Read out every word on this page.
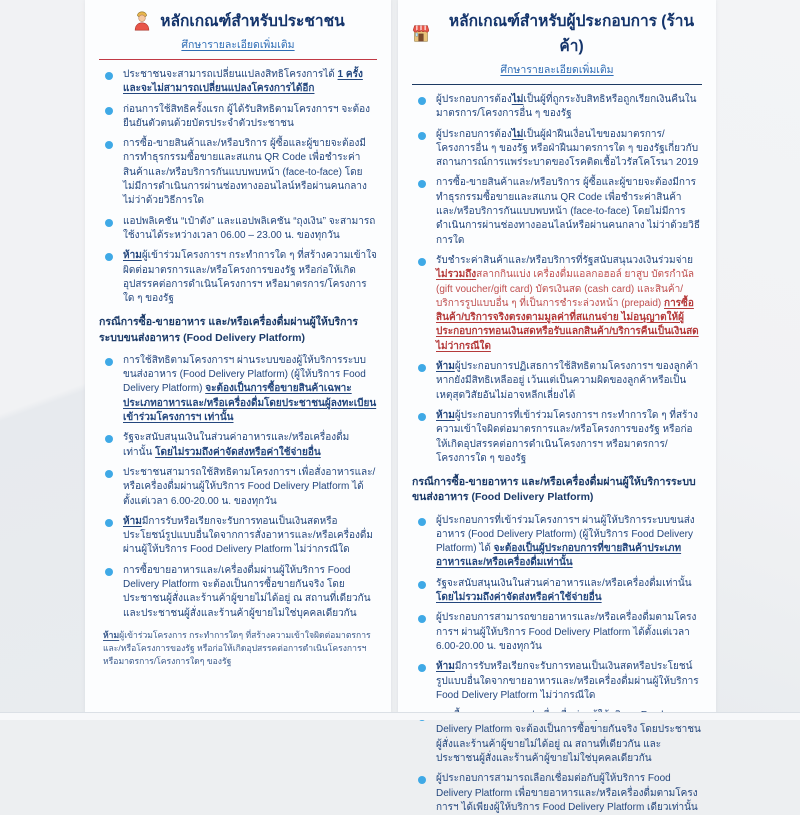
หลักเกณฑ์สำหรับประชาชน
ศึกษารายละเอียดเพิ่มเติม

ประชาชนจะสามารถเปลี่ยนแปลงสิทธิโครงการได้ 1 ครั้ง และจะไม่สามารถเปลี่ยนแปลงโครงการได้อีก

ก่อนการใช้สิทธิครั้งแรก ผู้ได้รับสิทธิตามโครงการฯ จะต้องยืนยันตัวตนด้วยบัตรประจำตัวประชาชน

การซื้อ-ขายสินค้าและ/หรือบริการ ผู้ซื้อและผู้ขายจะต้องมีการทำธุรกรรมซื้อขายและสแกน QR Code เพื่อชำระค่าสินค้าและ/หรือบริการกันแบบพบหน้า (face-to-face) โดยไม่มีการดำเนินการผ่านช่องทางออนไลน์หรือผ่านคนกลาง ไม่ว่าด้วยวิธีการใด

แอปพลิเคชัน “เป๋าตัง” และแอปพลิเคชัน “ถุงเงิน” จะสามารถใช้งานได้ระหว่างเวลา 06.00 – 23.00 น. ของทุกวัน

ห้ามผู้เข้าร่วมโครงการฯ กระทำการใด ๆ ที่สร้างความเข้าใจผิดต่อมาตรการและ/หรือโครงการของรัฐ หรือก่อให้เกิดอุปสรรคต่อการดำเนินโครงการฯ หรือมาตรการ/โครงการใด ๆ ของรัฐ

กรณีการซื้อ-ขายอาหาร และ/หรือเครื่องดื่มผ่านผู้ให้บริการระบบขนส่งอาหาร (Food Delivery Platform)

การใช้สิทธิตามโครงการฯ ผ่านระบบของผู้ให้บริการระบบขนส่งอาหาร (Food Delivery Platform) (ผู้ให้บริการ Food Delivery Platform) จะต้องเป็นการซื้อขายสินค้าเฉพาะประเภทอาหารและ/หรือเครื่องดื่มโดยประชาชนผู้ลงทะเบียนเข้าร่วมโครงการฯ เท่านั้น

รัฐจะสนับสนุนเงินในส่วนค่าอาหารและ/หรือเครื่องดื่มเท่านั้น โดยไม่รวมถึงค่าจัดส่งหรือค่าใช้จ่ายอื่น

ประชาชนสามารถใช้สิทธิตามโครงการฯ เพื่อสั่งอาหารและ/หรือเครื่องดื่มผ่านผู้ให้บริการ Food Delivery Platform ได้ตั้งแต่เวลา 6.00-20.00 น. ของทุกวัน

ห้ามมีการรับหรือเรียกจะรับการทอนเป็นเงินสดหรือประโยชน์รูปแบบอื่นใดจากการสั่งอาหารและ/หรือเครื่องดื่มผ่านผู้ให้บริการ Food Delivery Platform ไม่ว่ากรณีใด

การซื้อขายอาหารและ/เครื่องดื่มผ่านผู้ให้บริการ Food Delivery Platform จะต้องเป็นการซื้อขายกันจริง โดยประชาชนผู้สั่งและร้านค้าผู้ขายไม่ได้อยู่ ณ สถานที่เดียวกัน และประชาชนผู้สั่งและร้านค้าผู้ขายไม่ใช่บุคคลเดียวกัน

ห้ามผู้เข้าร่วมโครงการ กระทำการใดๆ ที่สร้างความเข้าใจผิดต่อมาตรการและ/หรือโครงการของรัฐ หรือก่อให้เกิดอุปสรรคต่อการดำเนินโครงการฯ หรือมาตรการ/โครงการใดๆ ของรัฐ

หลักเกณฑ์สำหรับผู้ประกอบการ (ร้านค้า)
ศึกษารายละเอียดเพิ่มเติม

ผู้ประกอบการต้องไม่เป็นผู้ที่ถูกระงับสิทธิหรือถูกเรียกเงินคืนในมาตรการ/โครงการอื่น ๆ ของรัฐ

ผู้ประกอบการต้องไม่เป็นผู้ฝ่าฝืนเงื่อนไขของมาตรการ/โครงการอื่น ๆ ของรัฐ หรือฝ่าฝืนมาตรการใด ๆ ของรัฐเกี่ยวกับสถานการณ์การแพร่ระบาดของโรคติดเชื้อไวรัสโคโรนา 2019

การซื้อ-ขายสินค้าและ/หรือบริการ ผู้ซื้อและผู้ขายจะต้องมีการทำธุรกรรมซื้อขายและสแกน QR Code เพื่อชำระค่าสินค้าและ/หรือบริการกันแบบพบหน้า (face-to-face) โดยไม่มีการดำเนินการผ่านช่องทางออนไลน์หรือผ่านคนกลาง ไม่ว่าด้วยวิธีการใด

รับชำระค่าสินค้าและ/หรือบริการที่รัฐสนับสนุนวงเงินร่วมจ่าย ไม่รวมถึงสลากกินแบ่ง เครื่องดื่มแอลกอฮอล์ ยาสูบ บัตรกำนัล (gift voucher/gift card) บัตรเงินสด (cash card) และสินค้า/บริการรูปแบบอื่น ๆ ที่เป็นการชำระล่วงหน้า (prepaid) การซื้อสินค้า/บริการจริงตรงตามมูลค่าที่สแกนจ่าย ไม่อนุญาตให้ผู้ประกอบการทอนเงินสดหรือรับแลกสินค้า/บริการคืนเป็นเงินสดไม่ว่ากรณีใด

ห้ามผู้ประกอบการปฏิเสธการใช้สิทธิตามโครงการฯ ของลูกค้าหากยังมีสิทธิเหลืออยู่ เว้นแต่เป็นความผิดของลูกค้าหรือเป็นเหตุสุดวิสัยอันไม่อาจหลีกเลี่ยงได้

ห้ามผู้ประกอบการที่เข้าร่วมโครงการฯ กระทำการใด ๆ ที่สร้างความเข้าใจผิดต่อมาตรการและ/หรือโครงการของรัฐ หรือก่อให้เกิดอุปสรรคต่อการดำเนินโครงการฯ หรือมาตรการ/โครงการใด ๆ ของรัฐ

กรณีการซื้อ-ขายอาหาร และ/หรือเครื่องดื่มผ่านผู้ให้บริการระบบขนส่งอาหาร (Food Delivery Platform)

ผู้ประกอบการที่เข้าร่วมโครงการฯ ผ่านผู้ให้บริการระบบขนส่งอาหาร (Food Delivery Platform) (ผู้ให้บริการ Food Delivery Platform) ได้ จะต้องเป็นผู้ประกอบการที่ขายสินค้าประเภทอาหารและ/หรือเครื่องดื่มเท่านั้น

รัฐจะสนับสนุนเงินในส่วนค่าอาหารและ/หรือเครื่องดื่มเท่านั้น โดยไม่รวมถึงค่าจัดส่งหรือค่าใช้จ่ายอื่น

ผู้ประกอบการสามารถขายอาหารและ/หรือเครื่องดื่มตามโครงการฯ ผ่านผู้ให้บริการ Food Delivery Platform ได้ตั้งแต่เวลา 6.00-20.00 น. ของทุกวัน

ห้ามมีการรับหรือเรียกจะรับการทอนเป็นเงินสดหรือประโยชน์รูปแบบอื่นใดจากขายอาหารและ/หรือเครื่องดื่มผ่านผู้ให้บริการ Food Delivery Platform ไม่ว่ากรณีใด

Delivery Platform จะต้องเป็นการซื้อขายกันจริง โดยประชาชนผู้สั่งและร้านค้าผู้ขายไม่ได้อยู่ ณ สถานที่เดียวกัน และประชาชนผู้สั่งและร้านค้าผู้ขายไม่ใช่บุคคลเดียวกัน

ผู้ประกอบการสามารถเลือกเชื่อมต่อกับผู้ให้บริการ Food Delivery Platform เพื่อขายอาหารและ/หรือเครื่องดื่มตามโครงการฯ ได้เพียงผู้ให้บริการ Food Delivery Platform เดียวเท่านั้น
